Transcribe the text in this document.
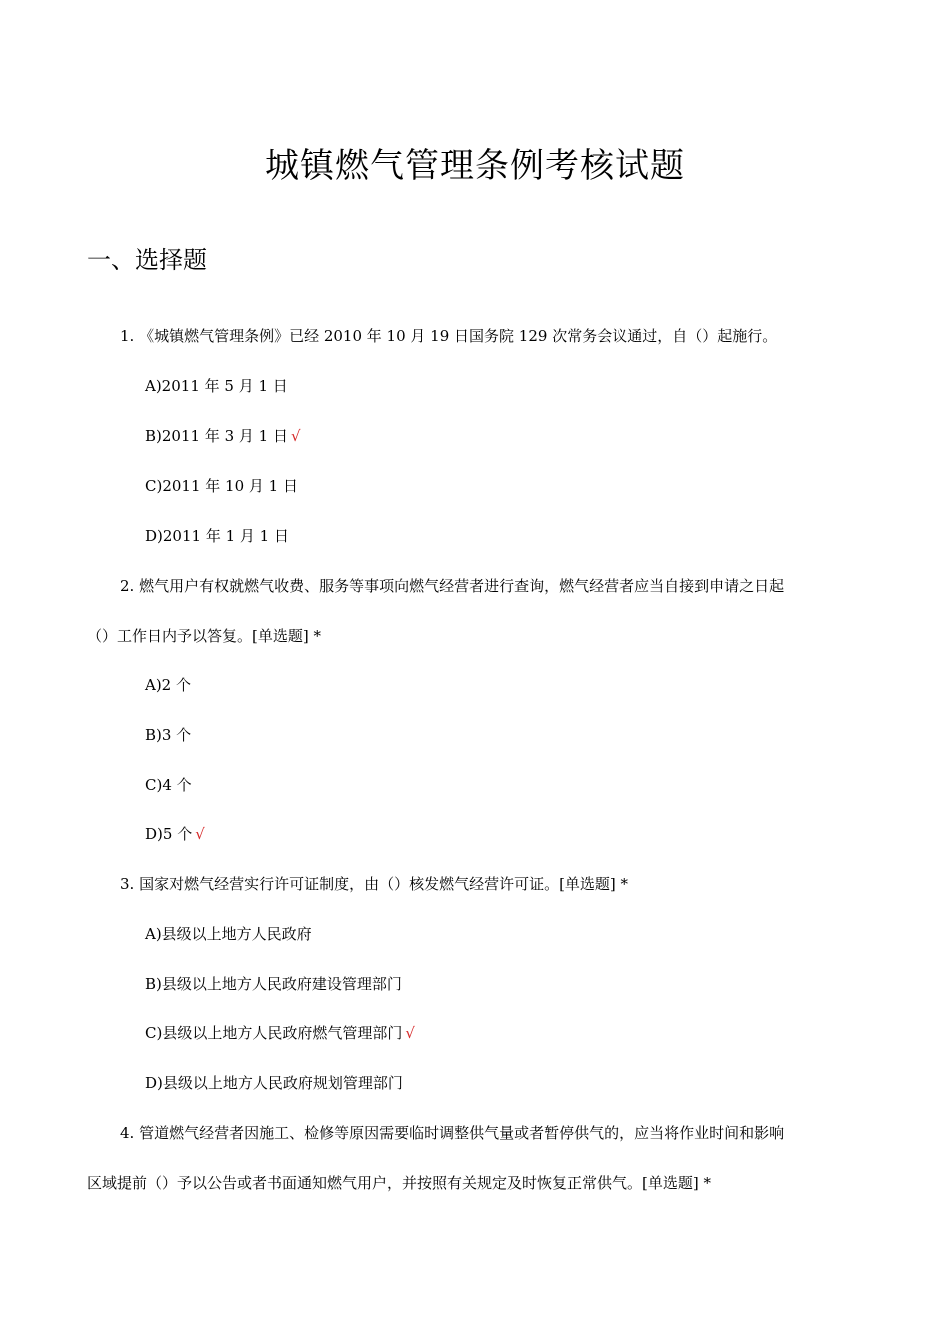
城镇燃气管理条例考核试题
一、选择题
1. 《城镇燃气管理条例》已经 2010 年 10 月 19 日国务院 129 次常务会议通过，自（）起施行。
A)2011 年 5 月 1 日
B)2011 年 3 月 1 日 √
C)2011 年 10 月 1 日
D)2011 年 1 月 1 日
2. 燃气用户有权就燃气收费、服务等事项向燃气经营者进行查询，燃气经营者应当自接到申请之日起
（）工作日内予以答复。[单选题] *
A)2 个
B)3 个
C)4 个
D)5 个 √
3. 国家对燃气经营实行许可证制度，由（）核发燃气经营许可证。[单选题] *
A)县级以上地方人民政府
B)县级以上地方人民政府建设管理部门
C)县级以上地方人民政府燃气管理部门 √
D)县级以上地方人民政府规划管理部门
4. 管道燃气经营者因施工、检修等原因需要临时调整供气量或者暂停供气的，应当将作业时间和影响
区域提前（）予以公告或者书面通知燃气用户，并按照有关规定及时恢复正常供气。[单选题] *
